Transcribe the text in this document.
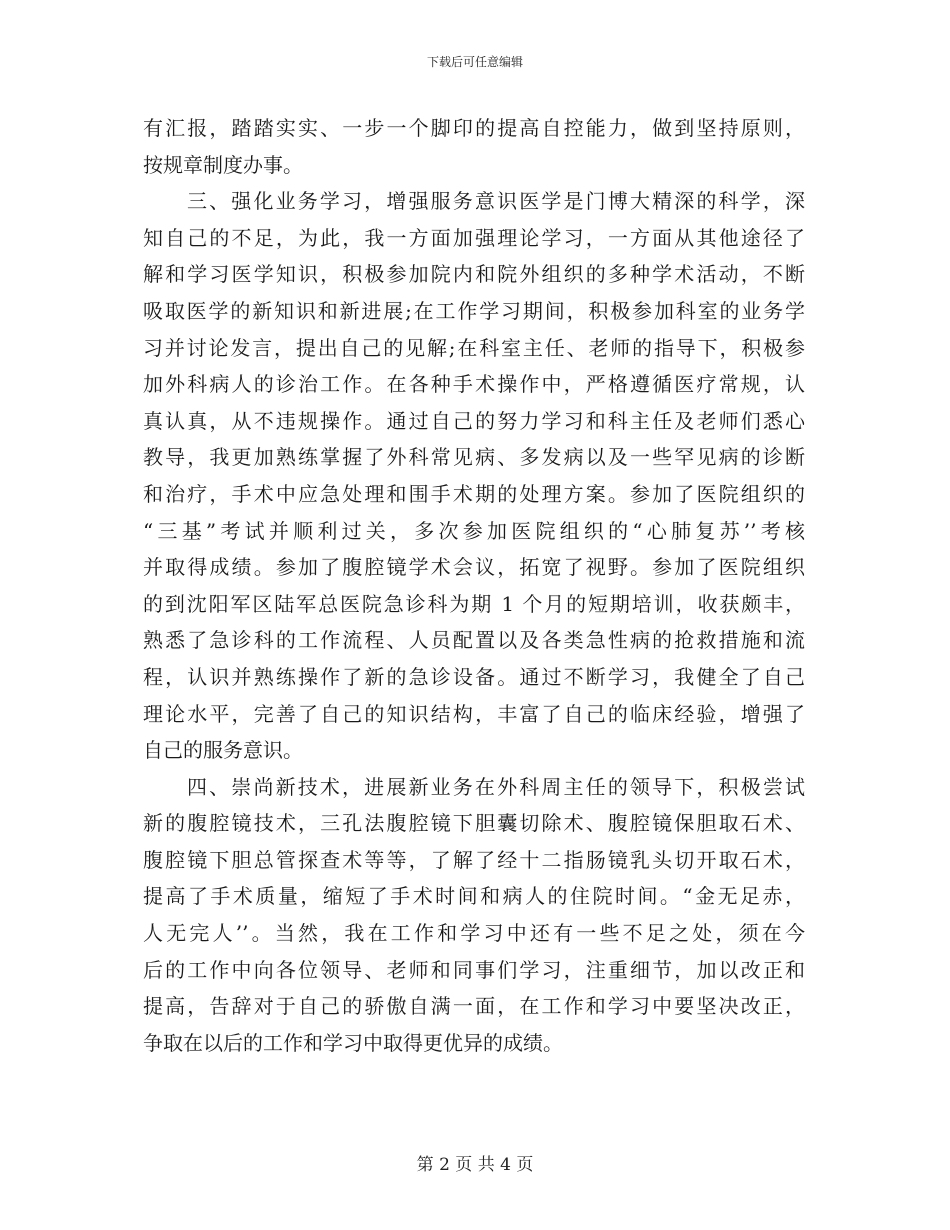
下载后可任意编辑
有汇报，踏踏实实、一步一个脚印的提高自控能力，做到坚持原则，
按规章制度办事。
三、强化业务学习，增强服务意识医学是门博大精深的科学，深
知自己的不足，为此，我一方面加强理论学习，一方面从其他途径了
解和学习医学知识，积极参加院内和院外组织的多种学术活动，不断
吸取医学的新知识和新进展;在工作学习期间，积极参加科室的业务学
习并讨论发言，提出自己的见解;在科室主任、老师的指导下，积极参
加外科病人的诊治工作。在各种手术操作中，严格遵循医疗常规，认
真认真，从不违规操作。通过自己的努力学习和科主任及老师们悉心
教导，我更加熟练掌握了外科常见病、多发病以及一些罕见病的诊断
和治疗，手术中应急处理和围手术期的处理方案。参加了医院组织的
“三基”考试并顺利过关，多次参加医院组织的“心肺复苏’’考核
并取得成绩。参加了腹腔镜学术会议，拓宽了视野。参加了医院组织
的到沈阳军区陆军总医院急诊科为期 1 个月的短期培训，收获颇丰，
熟悉了急诊科的工作流程、人员配置以及各类急性病的抢救措施和流
程，认识并熟练操作了新的急诊设备。通过不断学习，我健全了自己
理论水平，完善了自己的知识结构，丰富了自己的临床经验，增强了
自己的服务意识。
四、崇尚新技术，进展新业务在外科周主任的领导下，积极尝试
新的腹腔镜技术，三孔法腹腔镜下胆囊切除术、腹腔镜保胆取石术、
腹腔镜下胆总管探查术等等，了解了经十二指肠镜乳头切开取石术，
提高了手术质量，缩短了手术时间和病人的住院时间。“金无足赤，
人无完人’’。当然，我在工作和学习中还有一些不足之处，须在今
后的工作中向各位领导、老师和同事们学习，注重细节，加以改正和
提高，告辞对于自己的骄傲自满一面，在工作和学习中要坚决改正，
争取在以后的工作和学习中取得更优异的成绩。
第 2 页 共 4 页
